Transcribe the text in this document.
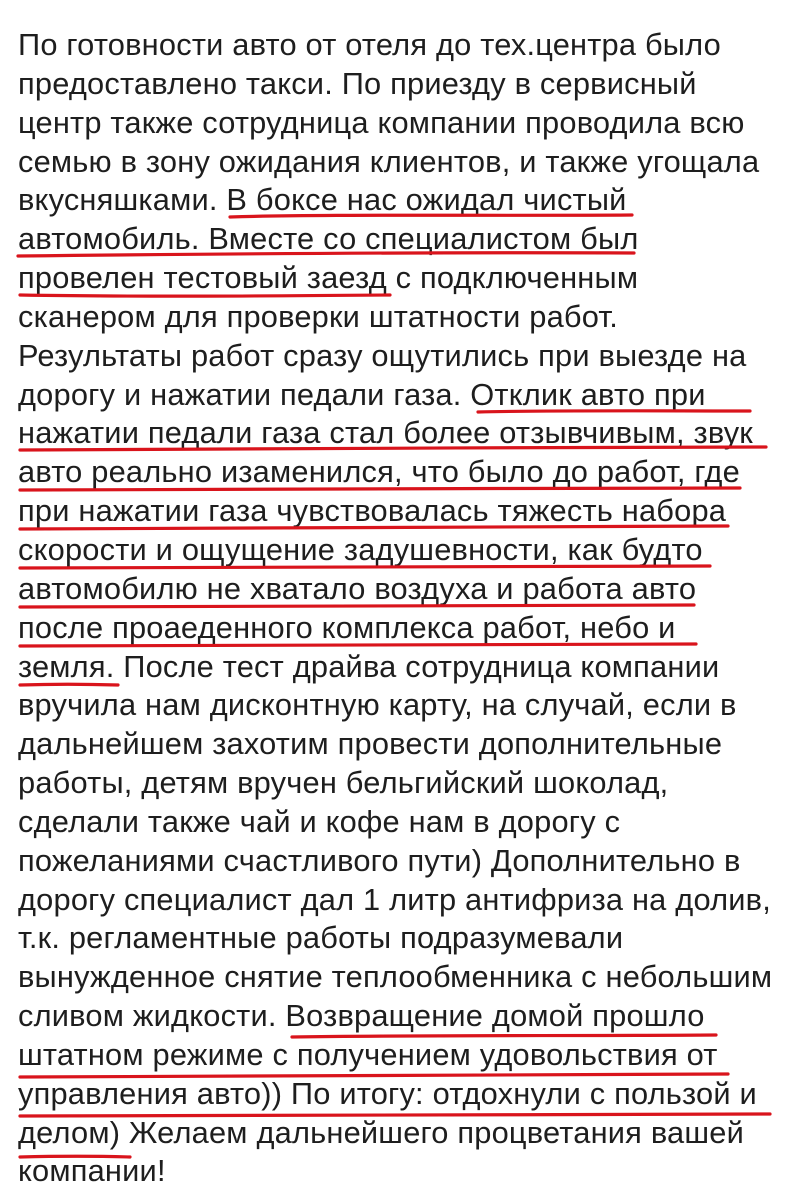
По готовности авто от отеля до тех.центра было
предоставлено такси. По приезду в сервисный
центр также сотрудница компании проводила всю
семью в зону ожидания клиентов, и также угощала
вкусняшками. В боксе нас ожидал чистый
автомобиль. Вместе со специалистом был
провелен тестовый заезд с подключенным
сканером для проверки штатности работ.
Результаты работ сразу ощутились при выезде на
дорогу и нажатии педали газа. Отклик авто при
нажатии педали газа стал более отзывчивым, звук
авто реально изаменился, что было до работ, где
при нажатии газа чувствовалась тяжесть набора
скорости и ощущение задушевности, как будто
автомобилю не хватало воздуха и работа авто
после проаеденного комплекса работ, небо и
земля. После тест драйва сотрудница компании
вручила нам дисконтную карту, на случай, если в
дальнейшем захотим провести дополнительные
работы, детям вручен бельгийский шоколад,
сделали также чай и кофе нам в дорогу с
пожеланиями счастливого пути) Дополнительно в
дорогу специалист дал 1 литр антифриза на долив,
т.к. регламентные работы подразумевали
вынужденное снятие теплообменника с небольшим
сливом жидкости. Возвращение домой прошло
штатном режиме с получением удовольствия от
управления авто)) По итогу: отдохнули с пользой и
делом) Желаем дальнейшего процветания вашей
компании!
